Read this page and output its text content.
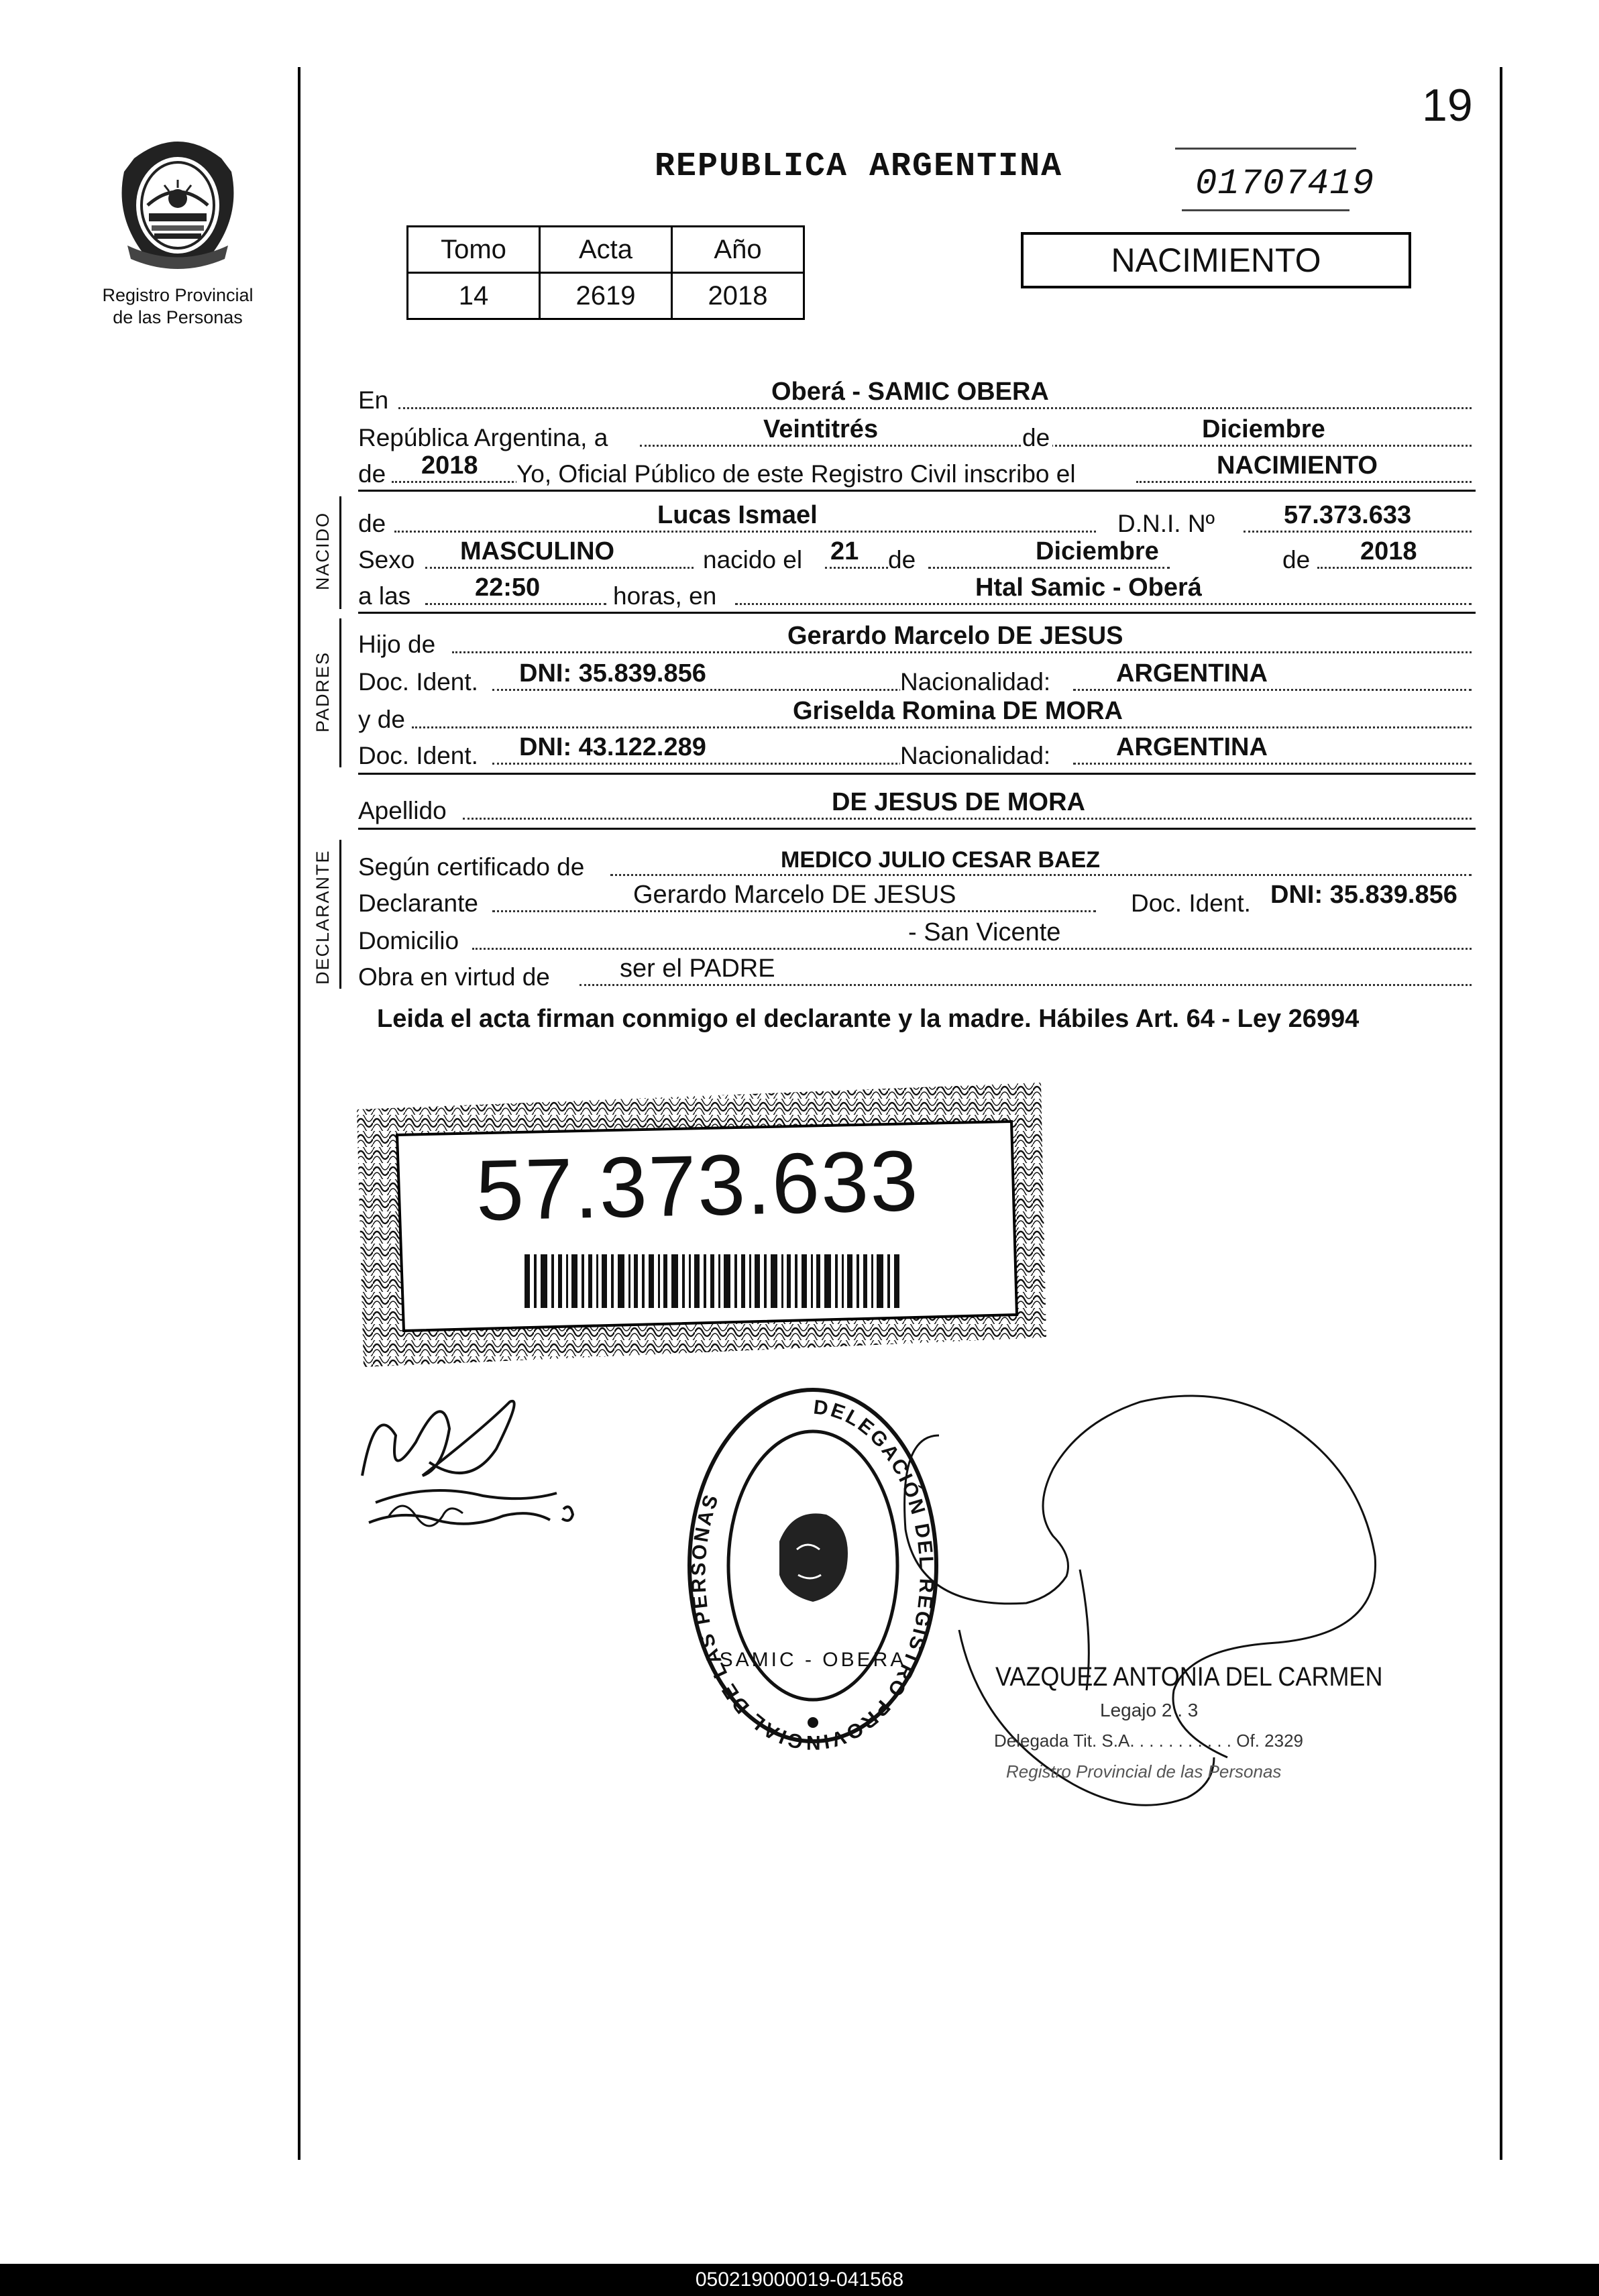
19
REPUBLICA ARGENTINA	01707419
Tomo	Acta	Año
14	2619	2018
NACIMIENTO
Registro Provincial
de las Personas
En	Oberá - SAMIC OBERA
República Argentina, a	Veintitrés	de	Diciembre
de 2018 Yo, Oficial Público de este Registro Civil inscribo el	NACIMIENTO
NACIDO de	Lucas Ismael	D.N.I. Nº	57.373.633
Sexo MASCULINO	nacido el 21 de	Diciembre	de 2018
a las	22:50	horas, en	Htal Samic - Oberá
PADRES
Hijo de	Gerardo Marcelo DE JESUS
Doc. Ident. DNI: 35.839.856	Nacionalidad:	ARGENTINA
y de	Griselda Romina DE MORA
Doc. Ident. DNI: 43.122.289	Nacionalidad:	ARGENTINA
Apellido	DE JESUS DE MORA
DECLARANTE Según certificado de	MEDICO JULIO CESAR BAEZ
Declarante	Gerardo Marcelo DE JESUS	Doc. Ident. DNI: 35.839.856
Domicilio	- San Vicente
Obra en virtud de	ser el PADRE
Leida el acta firman conmigo el declarante y la madre. Hábiles Art. 64 - Ley 26994
57.373.633
DELEGACIÓN DEL REGISTRO PROVINCIAL DE LAS PERSONAS
SAMIC - OBERA
VAZQUEZ ANTONIA DEL CARMEN
Legajo 2 . 3
Delegada Tit. S.A. . . . . . . . . . . Of. 2329
Registro Provincial de las Personas
050219000019-041568
